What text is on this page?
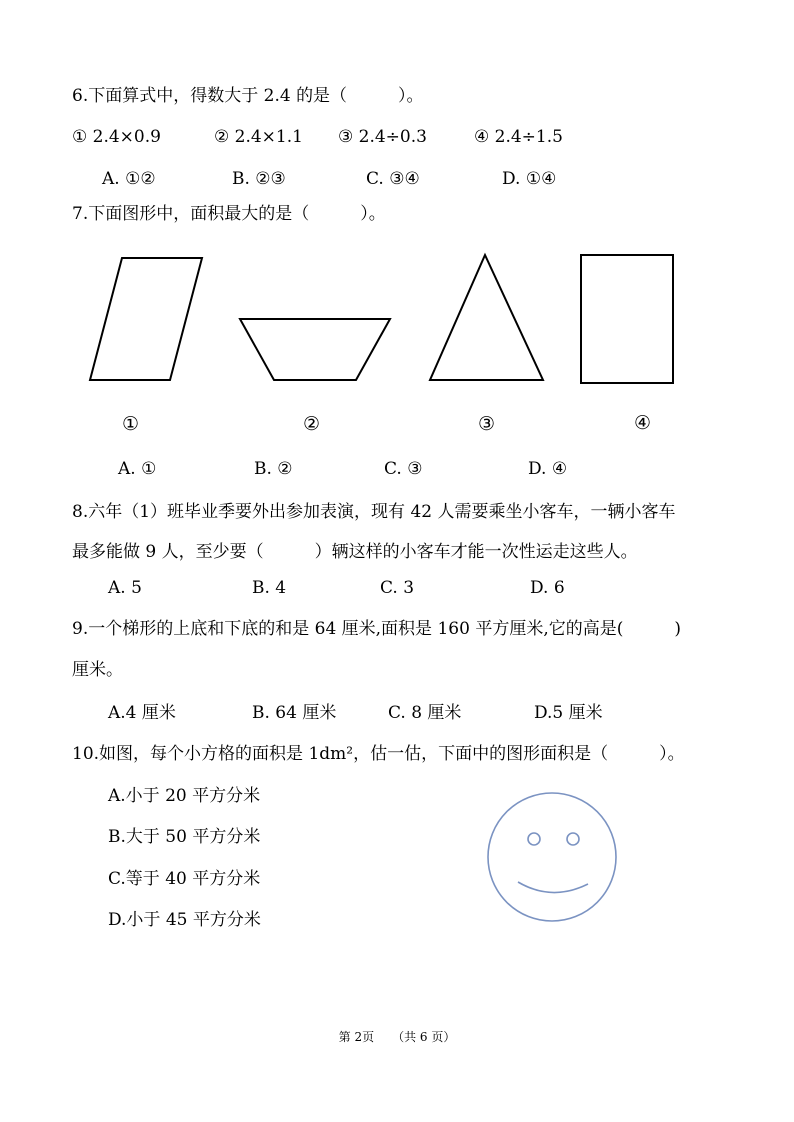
6.下面算式中，得数大于 2.4 的是（　　　）。
① 2.4×0.9	② 2.4×1.1 ③ 2.4÷0.3	④ 2.4÷1.5
A. ①②	B. ②③	C. ③④	D. ①④
7.下面图形中，面积最大的是（　　　）。
①	②	③	④
A. ①	B. ②	C. ③	D. ④
8.六年（1）班毕业季要外出参加表演，现有 42 人需要乘坐小客车，一辆小客车
最多能做 9 人，至少要（　　　）辆这样的小客车才能一次性运走这些人。
A. 5	B. 4	C. 3	D. 6
9.一个梯形的上底和下底的和是 64 厘米,面积是 160 平方厘米,它的高是(　　　)
厘米。
A.4 厘米	B. 64 厘米	C. 8 厘米	D.5 厘米
10.如图，每个小方格的面积是 1dm²，估一估，下面中的图形面积是（　　　）。
A.小于 20 平方分米
B.大于 50 平方分米
C.等于 40 平方分米
D.小于 45 平方分米
第 2页　　（共 6 页）
